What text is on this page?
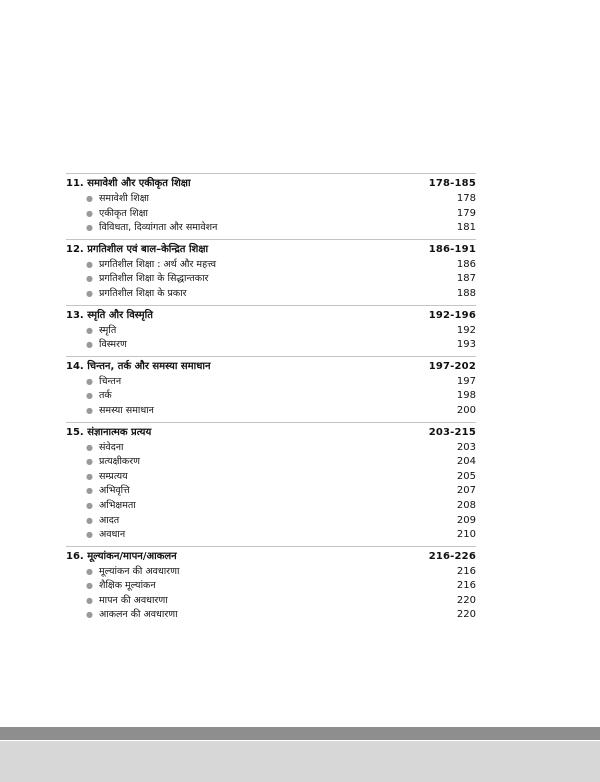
11. समावेशी और एकीकृत शिक्षा	178-185
● समावेशी शिक्षा	178
● एकीकृत शिक्षा	179
● विविधता, दिव्यांगता और समावेशन	181
12. प्रगतिशील एवं बाल–केन्द्रित शिक्षा	186-191
● प्रगतिशील शिक्षा : अर्थ और महत्त्व	186
● प्रगतिशील शिक्षा के सिद्धान्तकार	187
● प्रगतिशील शिक्षा के प्रकार	188
13. स्मृति और विस्मृति	192-196
● स्मृति	192
● विस्मरण	193
14. चिन्तन, तर्क और समस्या समाधान	197-202
● चिन्तन	197
● तर्क	198
● समस्या समाधान	200
15. संज्ञानात्मक प्रत्यय	203-215
● संवेदना	203
● प्रत्यक्षीकरण	204
● सम्प्रत्यय	205
● अभिवृत्ति	207
● अभिक्षमता	208
● आदत	209
● अवधान	210
16. मूल्यांकन/मापन/आकलन	216-226
● मूल्यांकन की अवधारणा	216
● शैक्षिक मूल्यांकन	216
● मापन की अवधारणा	220
● आकलन की अवधारणा	220
